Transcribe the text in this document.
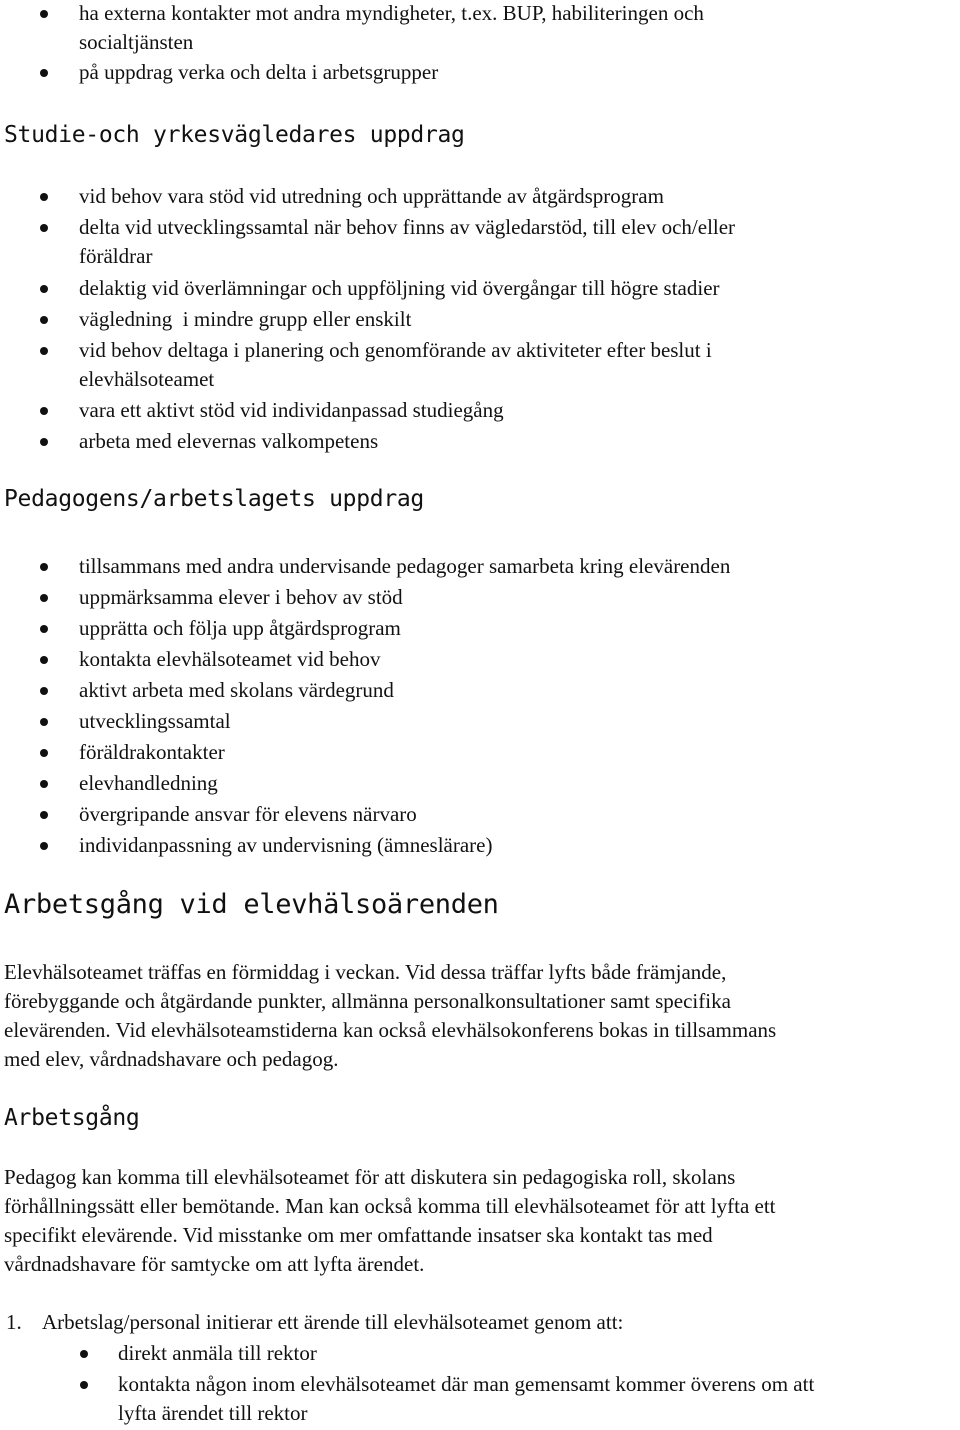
ha externa kontakter mot andra myndigheter, t.ex. BUP, habiliteringen och
socialtjänsten
på uppdrag verka och delta i arbetsgrupper
Studie-och yrkesvägledares uppdrag
vid behov vara stöd vid utredning och upprättande av åtgärdsprogram
delta vid utvecklingssamtal när behov finns av vägledarstöd, till elev och/eller
föräldrar
delaktig vid överlämningar och uppföljning vid övergångar till högre stadier
vägledning  i mindre grupp eller enskilt
vid behov deltaga i planering och genomförande av aktiviteter efter beslut i
elevhälsoteamet
vara ett aktivt stöd vid individanpassad studiegång
arbeta med elevernas valkompetens
Pedagogens/arbetslagets uppdrag
tillsammans med andra undervisande pedagoger samarbeta kring elevärenden
uppmärksamma elever i behov av stöd
upprätta och följa upp åtgärdsprogram
kontakta elevhälsoteamet vid behov
aktivt arbeta med skolans värdegrund
utvecklingssamtal
föräldrakontakter
elevhandledning
övergripande ansvar för elevens närvaro
individanpassning av undervisning (ämneslärare)
Arbetsgång vid elevhälsoärenden
Elevhälsoteamet träffas en förmiddag i veckan. Vid dessa träffar lyfts både främjande,
förebyggande och åtgärdande punkter, allmänna personalkonsultationer samt specifika
elevärenden. Vid elevhälsoteamstiderna kan också elevhälsokonferens bokas in tillsammans
med elev, vårdnadshavare och pedagog.
Arbetsgång
Pedagog kan komma till elevhälsoteamet för att diskutera sin pedagogiska roll, skolans
förhållningssätt eller bemötande. Man kan också komma till elevhälsoteamet för att lyfta ett
specifikt elevärende. Vid misstanke om mer omfattande insatser ska kontakt tas med
vårdnadshavare för samtycke om att lyfta ärendet.
1. Arbetslag/personal initierar ett ärende till elevhälsoteamet genom att:
direkt anmäla till rektor
kontakta någon inom elevhälsoteamet där man gemensamt kommer överens om att
lyfta ärendet till rektor
